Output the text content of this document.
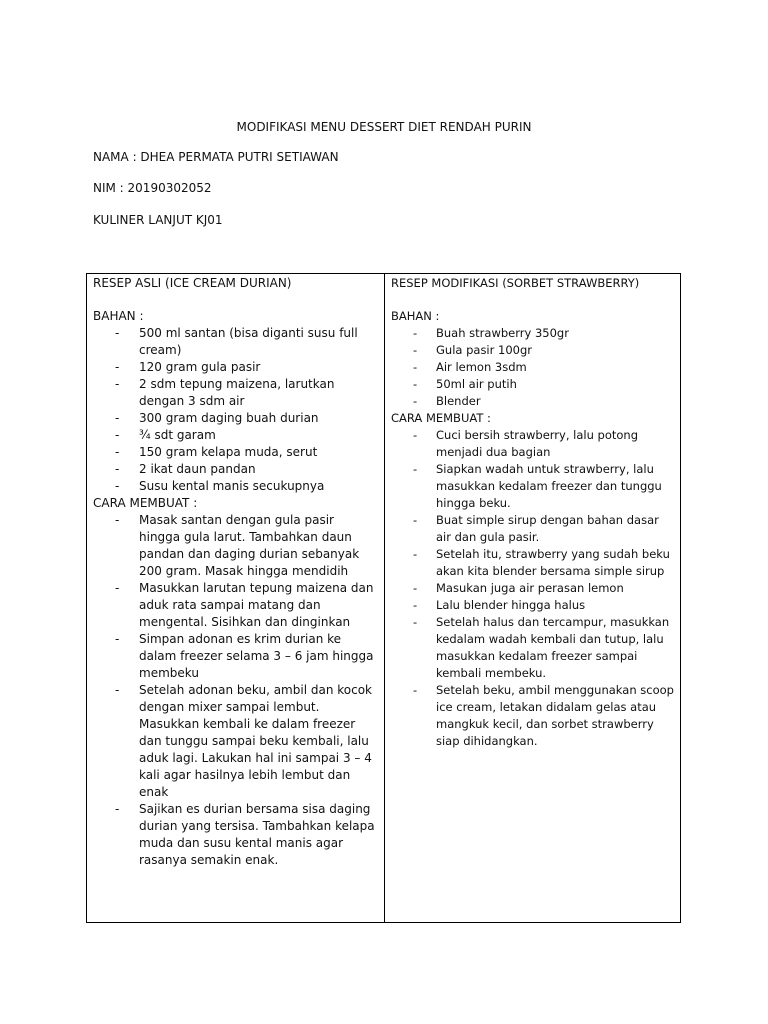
MODIFIKASI MENU DESSERT DIET RENDAH PURIN
NAMA : DHEA PERMATA PUTRI SETIAWAN
NIM : 20190302052
KULINER LANJUT KJ01
RESEP ASLI (ICE CREAM DURIAN)
BAHAN :
- 500 ml santan (bisa diganti susu full cream)
- 120 gram gula pasir
- 2 sdm tepung maizena, larutkan dengan 3 sdm air
- 300 gram daging buah durian
- ¾ sdt garam
- 150 gram kelapa muda, serut
- 2 ikat daun pandan
- Susu kental manis secukupnya
CARA MEMBUAT :
- Masak santan dengan gula pasir hingga gula larut. Tambahkan daun pandan dan daging durian sebanyak 200 gram. Masak hingga mendidih
- Masukkan larutan tepung maizena dan aduk rata sampai matang dan mengental. Sisihkan dan dinginkan
- Simpan adonan es krim durian ke dalam freezer selama 3 – 6 jam hingga membeku
- Setelah adonan beku, ambil dan kocok dengan mixer sampai lembut. Masukkan kembali ke dalam freezer dan tunggu sampai beku kembali, lalu aduk lagi. Lakukan hal ini sampai 3 – 4 kali agar hasilnya lebih lembut dan enak
- Sajikan es durian bersama sisa daging durian yang tersisa. Tambahkan kelapa muda dan susu kental manis agar rasanya semakin enak.
RESEP MODIFIKASI (SORBET STRAWBERRY)
BAHAN :
- Buah strawberry 350gr
- Gula pasir 100gr
- Air lemon 3sdm
- 50ml air putih
- Blender
CARA MEMBUAT :
- Cuci bersih strawberry, lalu potong menjadi dua bagian
- Siapkan wadah untuk strawberry, lalu masukkan kedalam freezer dan tunggu hingga beku.
- Buat simple sirup dengan bahan dasar air dan gula pasir.
- Setelah itu, strawberry yang sudah beku akan kita blender bersama simple sirup
- Masukan juga air perasan lemon
- Lalu blender hingga halus
- Setelah halus dan tercampur, masukkan kedalam wadah kembali dan tutup, lalu masukkan kedalam freezer sampai kembali membeku.
- Setelah beku, ambil menggunakan scoop ice cream, letakan didalam gelas atau mangkuk kecil, dan sorbet strawberry siap dihidangkan.
